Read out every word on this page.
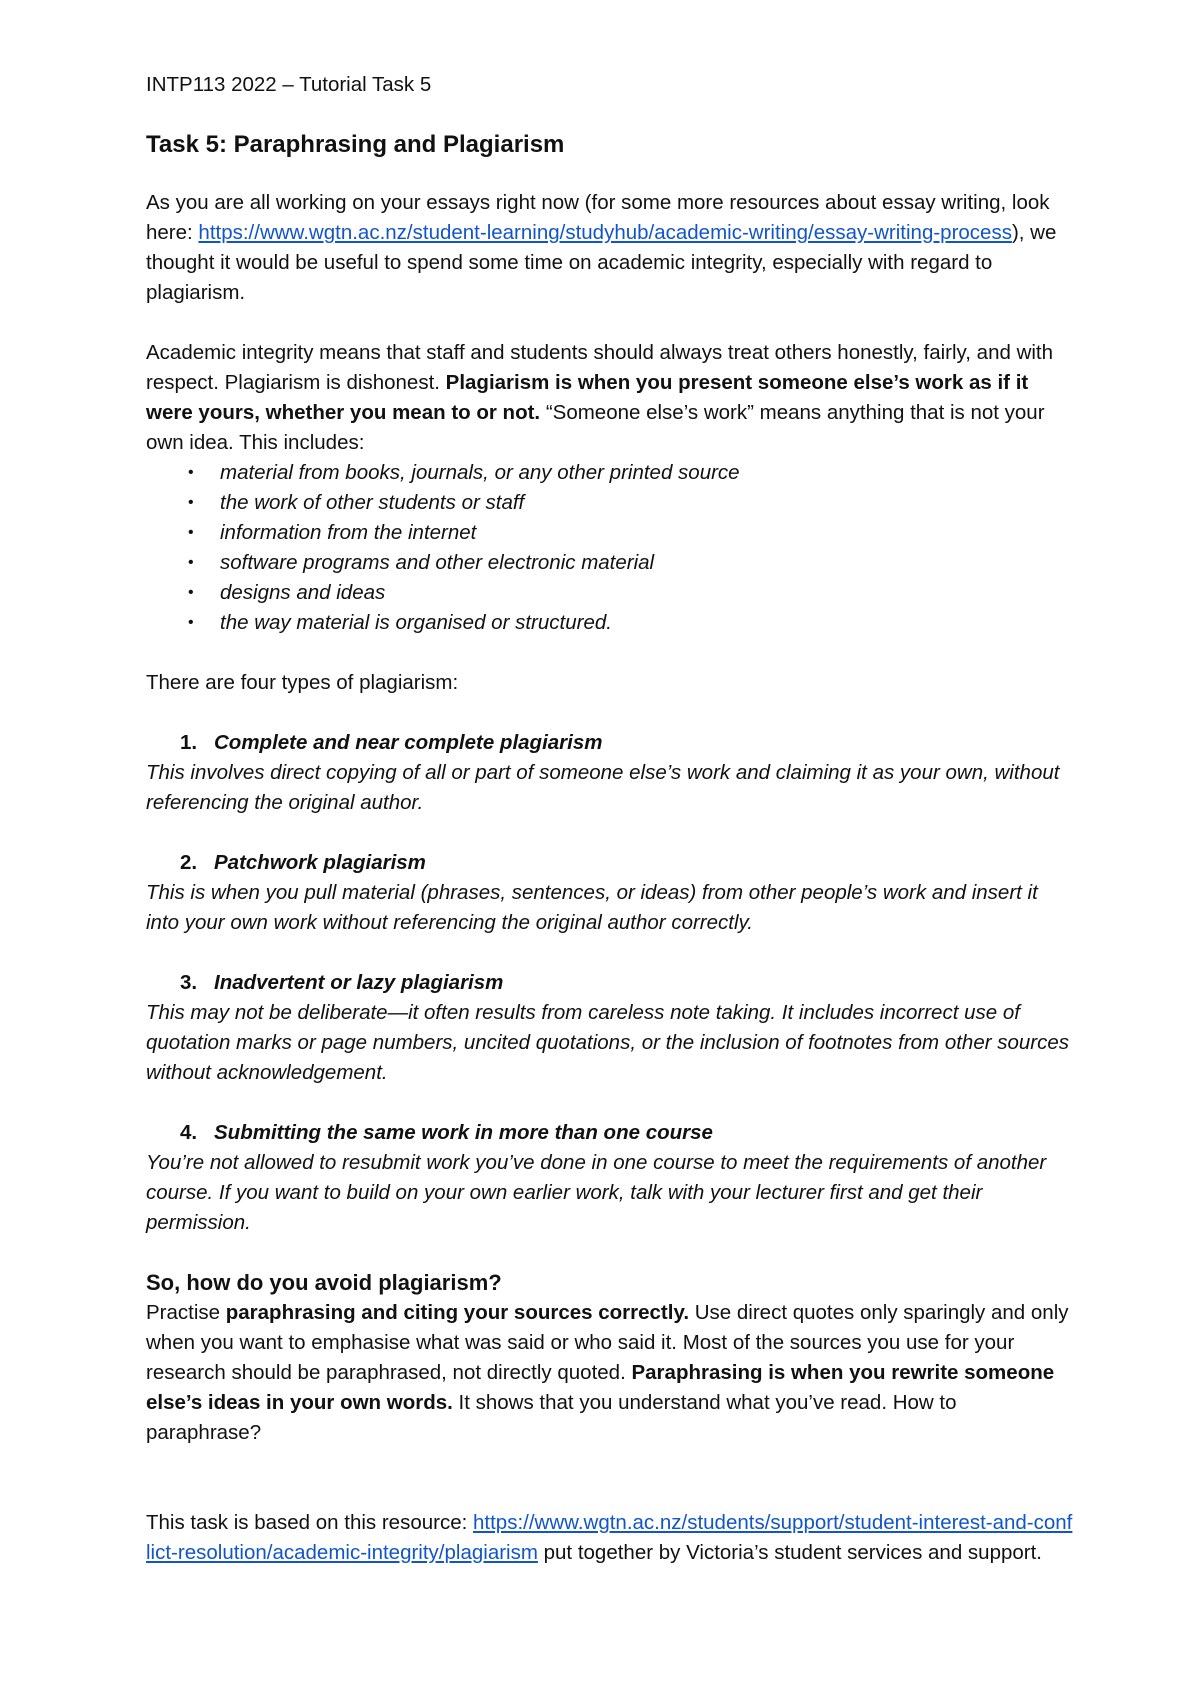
INTP113 2022 – Tutorial Task 5

Task 5: Paraphrasing and Plagiarism

As you are all working on your essays right now (for some more resources about essay writing, look here: https://www.wgtn.ac.nz/student-learning/studyhub/academic-writing/essay-writing-process), we thought it would be useful to spend some time on academic integrity, especially with regard to plagiarism.

Academic integrity means that staff and students should always treat others honestly, fairly, and with respect. Plagiarism is dishonest. Plagiarism is when you present someone else’s work as if it were yours, whether you mean to or not. “Someone else’s work” means anything that is not your own idea. This includes:

• material from books, journals, or any other printed source
• the work of other students or staff
• information from the internet
• software programs and other electronic material
• designs and ideas
• the way material is organised or structured.

There are four types of plagiarism:

1. Complete and near complete plagiarism

This involves direct copying of all or part of someone else’s work and claiming it as your own, without referencing the original author.

2. Patchwork plagiarism

This is when you pull material (phrases, sentences, or ideas) from other people’s work and insert it into your own work without referencing the original author correctly.

3. Inadvertent or lazy plagiarism

This may not be deliberate—it often results from careless note taking. It includes incorrect use of quotation marks or page numbers, uncited quotations, or the inclusion of footnotes from other sources without acknowledgement.

4. Submitting the same work in more than one course

You’re not allowed to resubmit work you’ve done in one course to meet the requirements of another course. If you want to build on your own earlier work, talk with your lecturer first and get their permission.

So, how do you avoid plagiarism?

Practise paraphrasing and citing your sources correctly. Use direct quotes only sparingly and only when you want to emphasise what was said or who said it. Most of the sources you use for your research should be paraphrased, not directly quoted. Paraphrasing is when you rewrite someone else’s ideas in your own words. It shows that you understand what you’ve read. How to paraphrase?

This task is based on this resource: https://www.wgtn.ac.nz/students/support/student-interest-and-conflict-resolution/academic-integrity/plagiarism put together by Victoria’s student services and support.
